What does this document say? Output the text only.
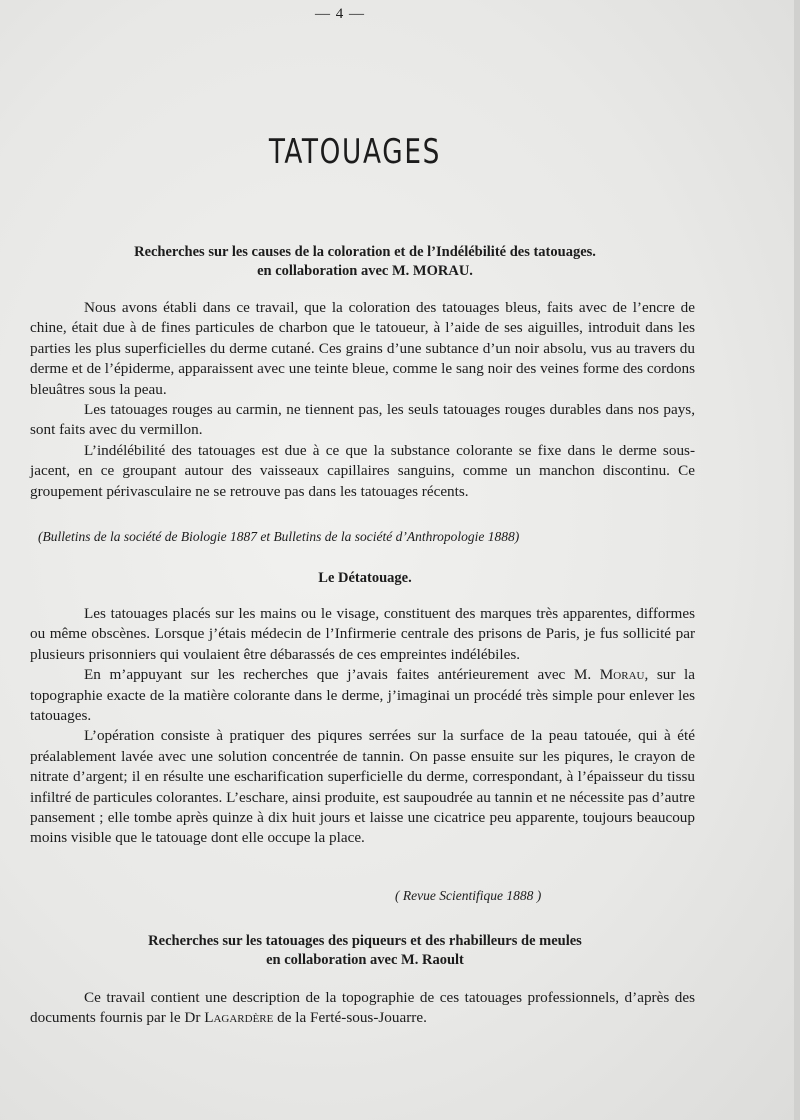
— 4 —
TATOUAGES
Recherches sur les causes de la coloration et de l’Indélébilité des tatouages.
en collaboration avec M. MORAU.

Nous avons établi dans ce travail, que la coloration des tatouages bleus, faits avec de l’encre de chine, était due à de fines particules de charbon que le tatoueur, à l’aide de ses aiguilles, introduit dans les parties les plus superficielles du derme cutané. Ces grains d’une subtance d’un noir absolu, vus au travers du derme et de l’épiderme, apparaissent avec une teinte bleue, comme le sang noir des veines forme des cordons bleuâtres sous la peau.

Les tatouages rouges au carmin, ne tiennent pas, les seuls tatouages rouges durables dans nos pays, sont faits avec du vermillon.

L’indélébilité des tatouages est due à ce que la substance colorante se fixe dans le derme sous-jacent, en ce groupant autour des vaisseaux capillaires sanguins, comme un manchon discontinu. Ce groupement périvasculaire ne se retrouve pas dans les tatouages récents.

(Bulletins de la société de Biologie 1887 et Bulletins de la société d’Anthropologie 1888)
Le Détatouage.

Les tatouages placés sur les mains ou le visage, constituent des marques très apparentes, difformes ou même obscènes. Lorsque j’étais médecin de l’Infirmerie centrale des prisons de Paris, je fus sollicité par plusieurs prisonniers qui voulaient être débarassés de ces empreintes indélébiles.

En m’appuyant sur les recherches que j’avais faites antérieurement avec M. Morau, sur la topographie exacte de la matière colorante dans le derme, j’imaginai un procédé très simple pour enlever les tatouages.

L’opération consiste à pratiquer des piqures serrées sur la surface de la peau tatouée, qui à été préalablement lavée avec une solution concentrée de tannin. On passe ensuite sur les piqures, le crayon de nitrate d’argent; il en résulte une escharification superficielle du derme, correspondant, à l’épaisseur du tissu infiltré de particules colorantes. L’eschare, ainsi produite, est saupoudrée au tannin et ne nécessite pas d’autre pansement ; elle tombe après quinze à dix huit jours et laisse une cicatrice peu apparente, toujours beaucoup moins visible que le tatouage dont elle occupe la place.

( Revue Scientifique 1888 )
Recherches sur les tatouages des piqueurs et des rhabilleurs de meules
en collaboration avec M. Raoult

Ce travail contient une description de la topographie de ces tatouages professionnels, d’après des documents fournis par le Dr Lagardère de la Ferté-sous-Jouarre.
